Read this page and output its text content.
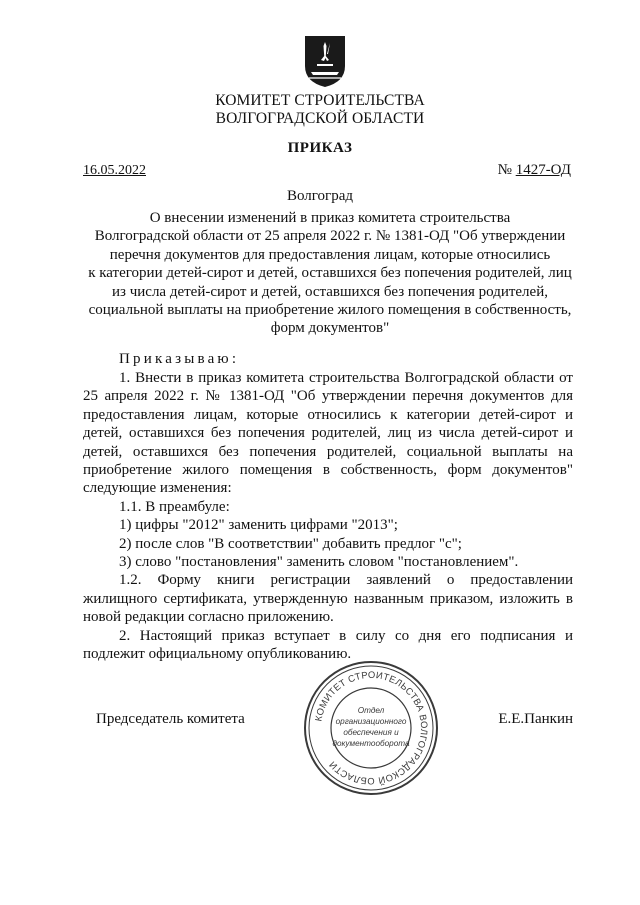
КОМИТЕТ СТРОИТЕЛЬСТВА
ВОЛГОГРАДСКОЙ ОБЛАСТИ
ПРИКАЗ
16.05.2022	№ 1427-ОД
Волгоград
О внесении изменений в приказ комитета строительства
Волгоградской области от 25 апреля 2022 г. № 1381-ОД "Об утверждении
перечня документов для предоставления лицам, которые относились
к категории детей-сирот и детей, оставшихся без попечения родителей, лиц
из числа детей-сирот и детей, оставшихся без попечения родителей,
социальной выплаты на приобретение жилого помещения в собственность,
форм документов"
Приказываю:

1. Внести в приказ комитета строительства Волгоградской области от 25 апреля 2022 г. № 1381-ОД "Об утверждении перечня документов для предоставления лицам, которые относились к категории детей-сирот и детей, оставшихся без попечения родителей, лиц из числа детей-сирот и детей, оставшихся без попечения родителей, социальной выплаты на приобретение жилого помещения в собственность, форм документов" следующие изменения:

1.1. В преамбуле:

1) цифры "2012" заменить цифрами "2013";

2) после слов "В соответствии" добавить предлог "с";

3) слово "постановления" заменить словом "постановлением".

1.2. Форму книги регистрации заявлений о предоставлении жилищного сертификата, утвержденную названным приказом, изложить в новой редакции согласно приложению.

2. Настоящий приказ вступает в силу со дня его подписания и подлежит официальному опубликованию.

Председатель комитета	Е.Е.Панкин
КОМИТЕТ СТРОИТЕЛЬСТВА ВОЛГОГРАДСКОЙ ОБЛАСТИ
Отдел
организационного
обеспечения и
документооборота
